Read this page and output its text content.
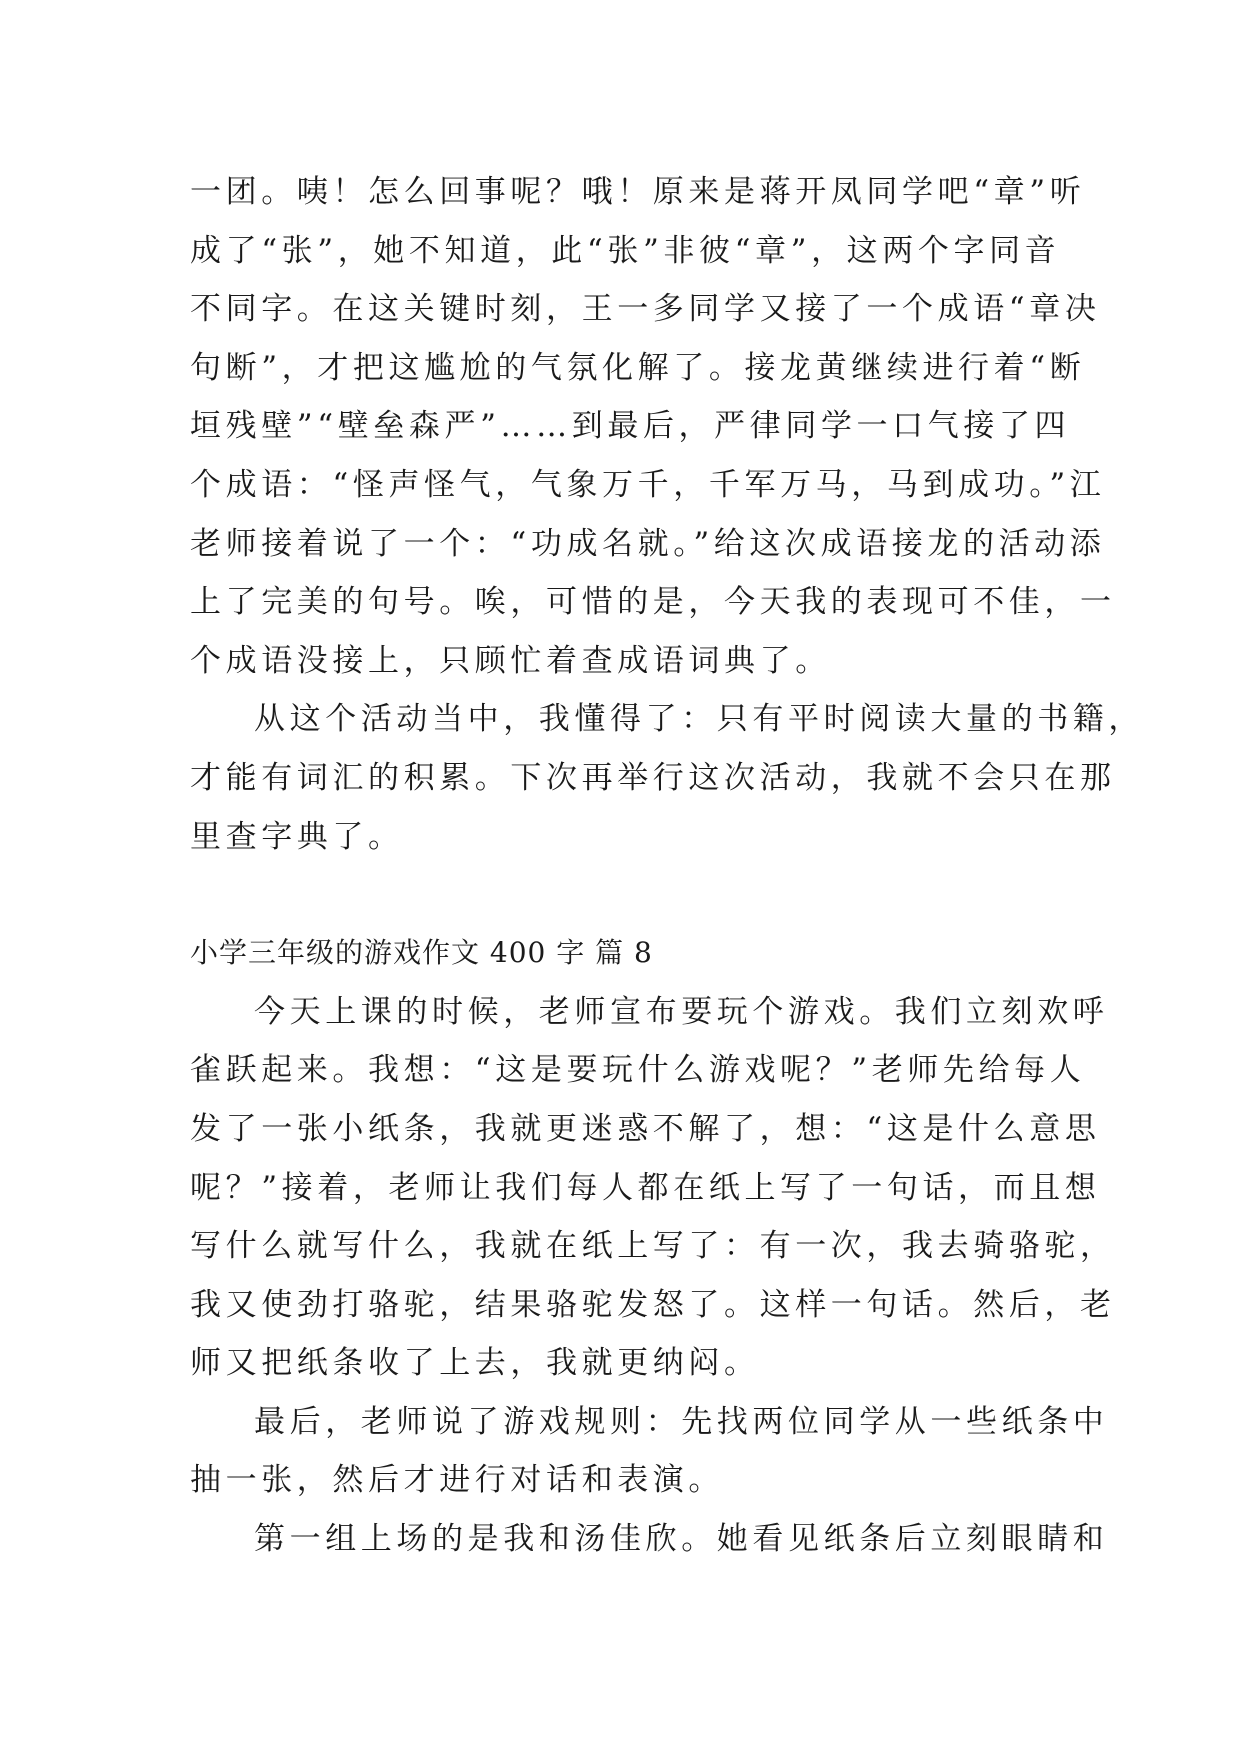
一团。咦！怎么回事呢？哦！原来是蒋开凤同学吧“章”听
成了“张”，她不知道，此“张”非彼“章”，这两个字同音
不同字。在这关键时刻，王一多同学又接了一个成语“章决
句断”，才把这尴尬的气氛化解了。接龙黄继续进行着“断
垣残壁”“壁垒森严”……到最后，严律同学一口气接了四
个成语：“怪声怪气，气象万千，千军万马，马到成功。”江
老师接着说了一个：“功成名就。”给这次成语接龙的活动添
上了完美的句号。唉，可惜的是，今天我的表现可不佳，一
个成语没接上，只顾忙着查成语词典了。
从这个活动当中，我懂得了：只有平时阅读大量的书籍，
才能有词汇的积累。下次再举行这次活动，我就不会只在那
里查字典了。
小学三年级的游戏作文 400 字 篇 8
今天上课的时候，老师宣布要玩个游戏。我们立刻欢呼
雀跃起来。我想：“这是要玩什么游戏呢？”老师先给每人
发了一张小纸条，我就更迷惑不解了，想：“这是什么意思
呢？”接着，老师让我们每人都在纸上写了一句话，而且想
写什么就写什么，我就在纸上写了：有一次，我去骑骆驼，
我又使劲打骆驼，结果骆驼发怒了。这样一句话。然后，老
师又把纸条收了上去，我就更纳闷。
最后，老师说了游戏规则：先找两位同学从一些纸条中
抽一张，然后才进行对话和表演。
第一组上场的是我和汤佳欣。她看见纸条后立刻眼睛和
